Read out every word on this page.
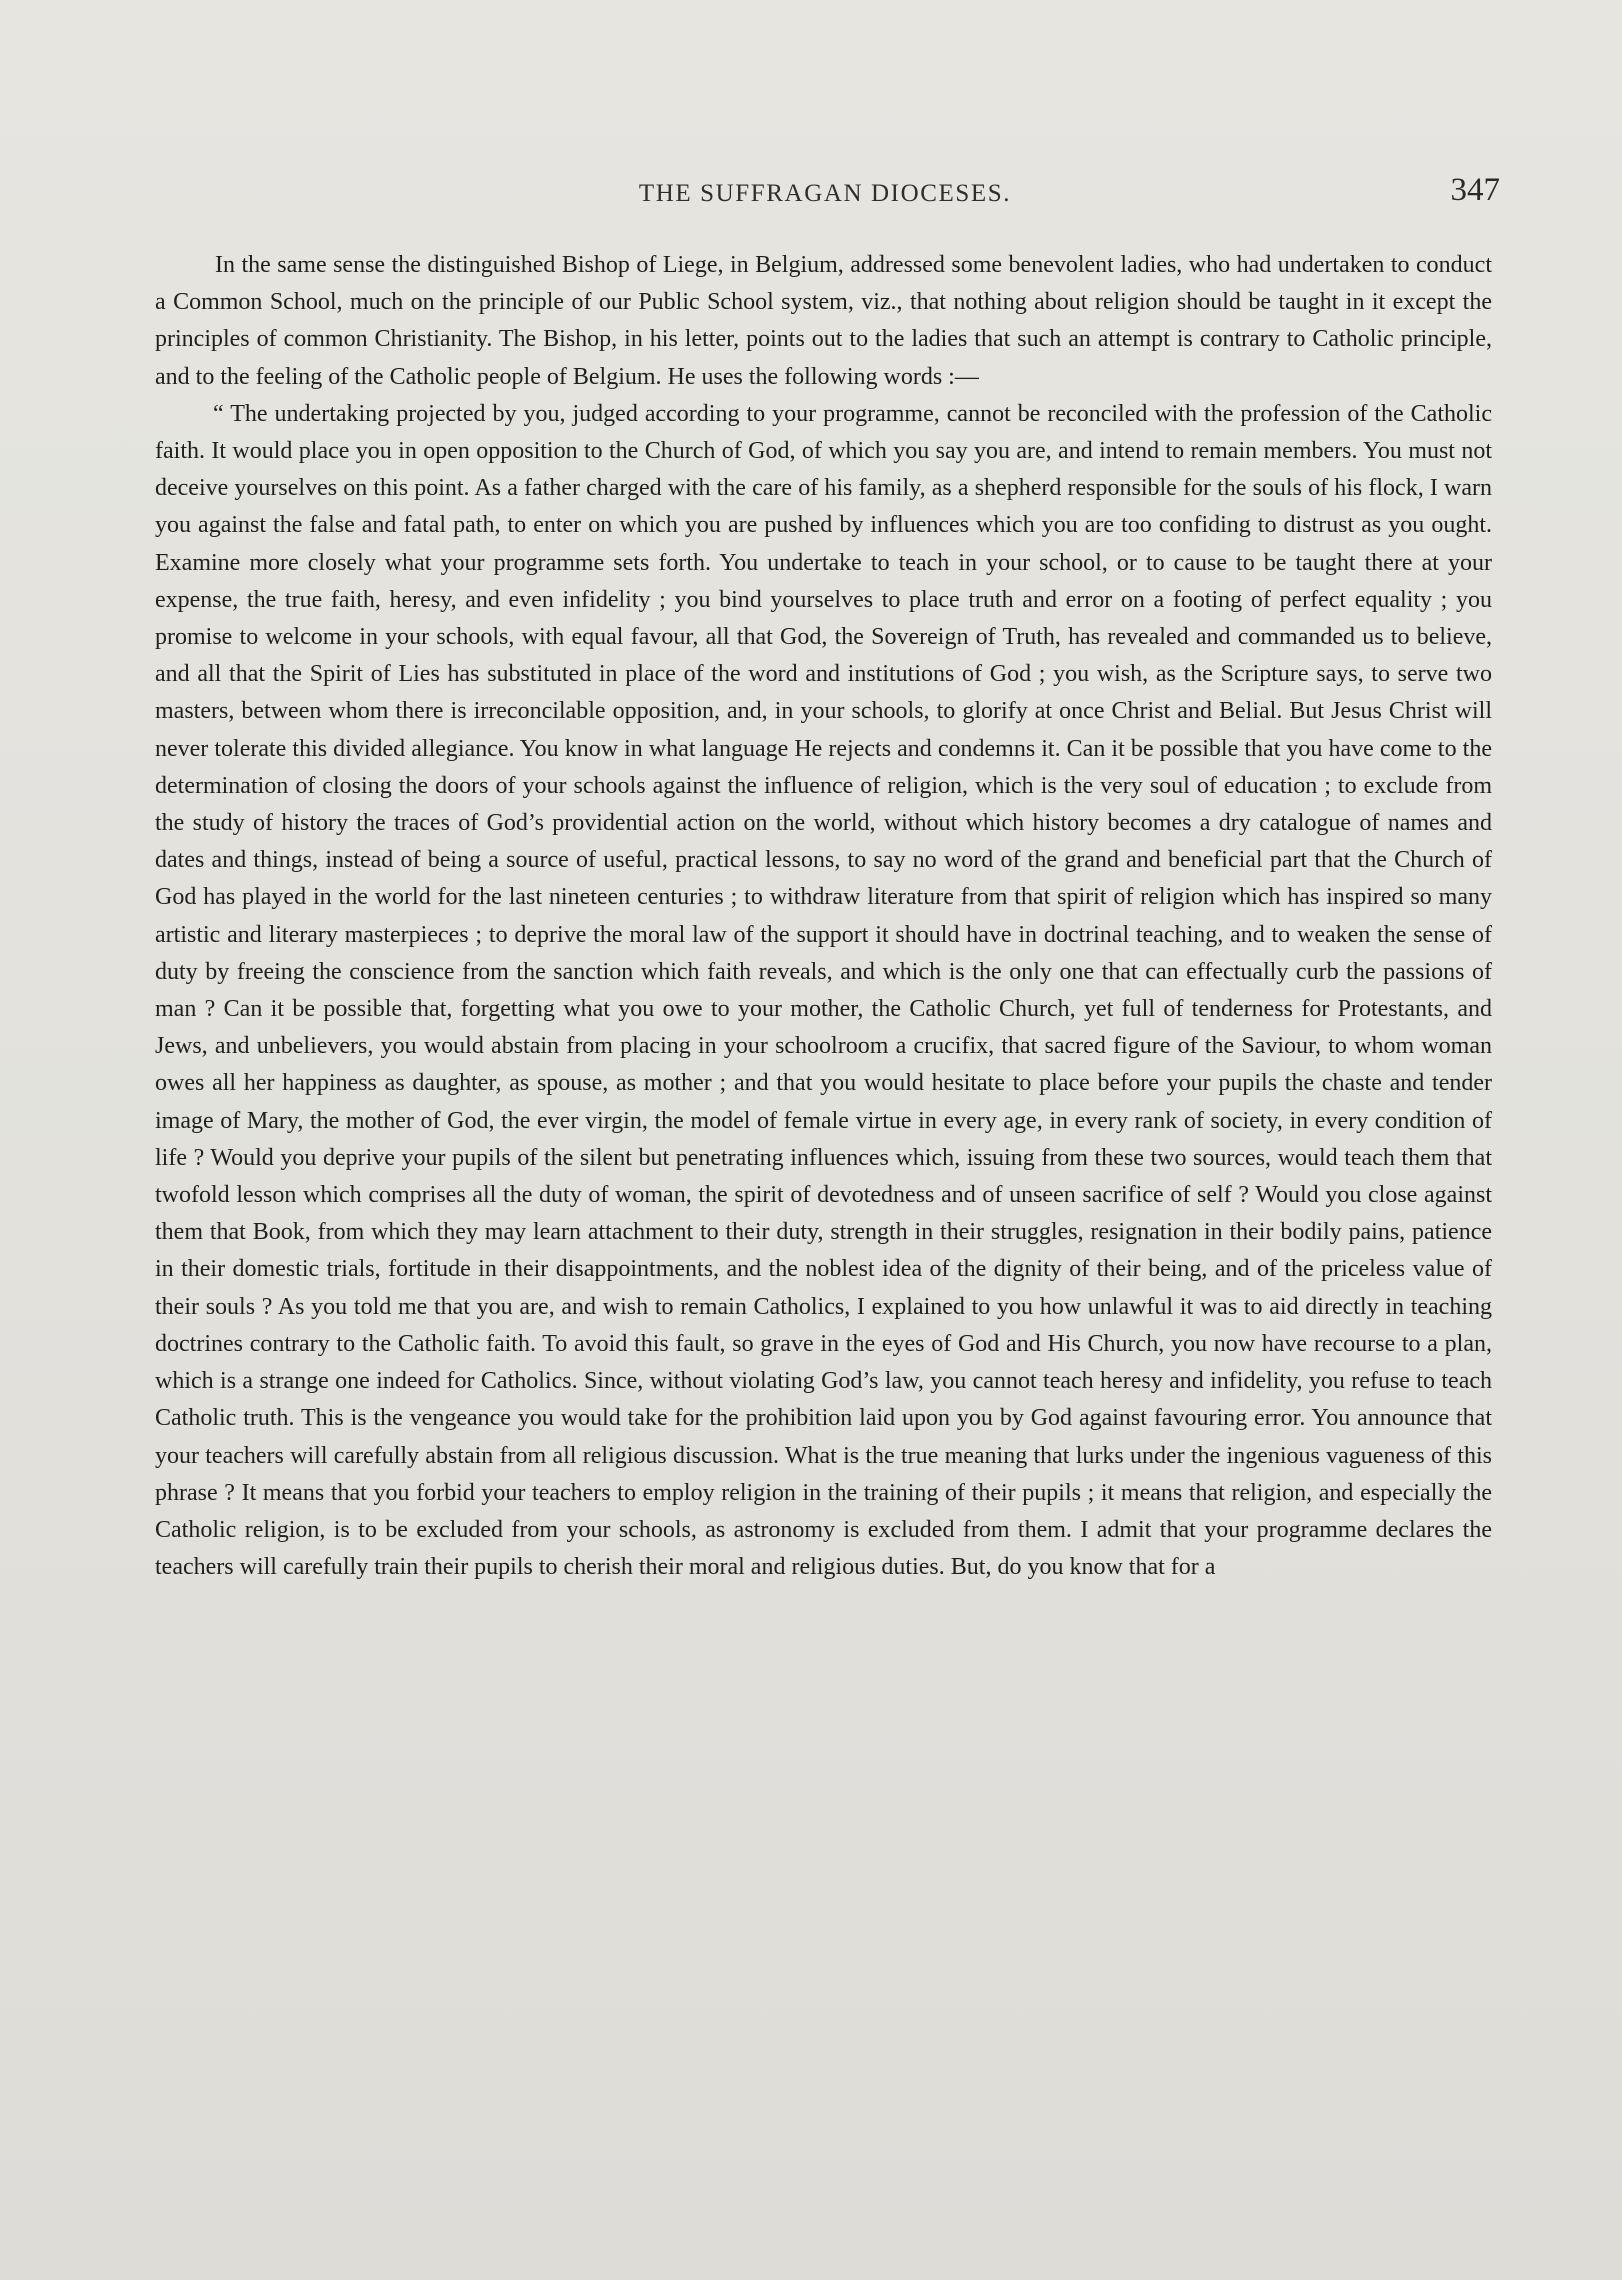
THE SUFFRAGAN DIOCESES.	347

In the same sense the distinguished Bishop of Liege, in Belgium, addressed some benevolent ladies, who had undertaken to conduct a Common School, much on the principle of our Public School system, viz., that nothing about religion should be taught in it except the principles of common Christianity. The Bishop, in his letter, points out to the ladies that such an attempt is contrary to Catholic principle, and to the feeling of the Catholic people of Belgium. He uses the following words :—

“ The undertaking projected by you, judged according to your programme, cannot be reconciled with the profession of the Catholic faith. It would place you in open opposition to the Church of God, of which you say you are, and intend to remain members. You must not deceive yourselves on this point. As a father charged with the care of his family, as a shepherd responsible for the souls of his flock, I warn you against the false and fatal path, to enter on which you are pushed by influences which you are too confiding to distrust as you ought. Examine more closely what your programme sets forth. You undertake to teach in your school, or to cause to be taught there at your expense, the true faith, heresy, and even infidelity ; you bind yourselves to place truth and error on a footing of perfect equality ; you promise to welcome in your schools, with equal favour, all that God, the Sovereign of Truth, has revealed and commanded us to believe, and all that the Spirit of Lies has substituted in place of the word and institutions of God ; you wish, as the Scripture says, to serve two masters, between whom there is irreconcilable opposition, and, in your schools, to glorify at once Christ and Belial. But Jesus Christ will never tolerate this divided allegiance. You know in what language He rejects and condemns it. Can it be possible that you have come to the determination of closing the doors of your schools against the influence of religion, which is the very soul of education ; to exclude from the study of history the traces of God’s providential action on the world, without which history becomes a dry catalogue of names and dates and things, instead of being a source of useful, practical lessons, to say no word of the grand and beneficial part that the Church of God has played in the world for the last nineteen centuries ; to withdraw literature from that spirit of religion which has inspired so many artistic and literary masterpieces ; to deprive the moral law of the support it should have in doctrinal teaching, and to weaken the sense of duty by freeing the conscience from the sanction which faith reveals, and which is the only one that can effectually curb the passions of man ? Can it be possible that, forgetting what you owe to your mother, the Catholic Church, yet full of tenderness for Protestants, and Jews, and unbelievers, you would abstain from placing in your schoolroom a crucifix, that sacred figure of the Saviour, to whom woman owes all her happiness as daughter, as spouse, as mother ; and that you would hesitate to place before your pupils the chaste and tender image of Mary, the mother of God, the ever virgin, the model of female virtue in every age, in every rank of society, in every condition of life ? Would you deprive your pupils of the silent but penetrating influences which, issuing from these two sources, would teach them that twofold lesson which comprises all the duty of woman, the spirit of devotedness and of unseen sacrifice of self ? Would you close against them that Book, from which they may learn attachment to their duty, strength in their struggles, resignation in their bodily pains, patience in their domestic trials, fortitude in their disappointments, and the noblest idea of the dignity of their being, and of the priceless value of their souls ? As you told me that you are, and wish to remain Catholics, I explained to you how unlawful it was to aid directly in teaching doctrines contrary to the Catholic faith. To avoid this fault, so grave in the eyes of God and His Church, you now have recourse to a plan, which is a strange one indeed for Catholics. Since, without violating God’s law, you cannot teach heresy and infidelity, you refuse to teach Catholic truth. This is the vengeance you would take for the prohibition laid upon you by God against favouring error. You announce that your teachers will carefully abstain from all religious discussion. What is the true meaning that lurks under the ingenious vagueness of this phrase ? It means that you forbid your teachers to employ religion in the training of their pupils ; it means that religion, and especially the Catholic religion, is to be excluded from your schools, as astronomy is excluded from them. I admit that your programme declares the teachers will carefully train their pupils to cherish their moral and religious duties. But, do you know that for a
